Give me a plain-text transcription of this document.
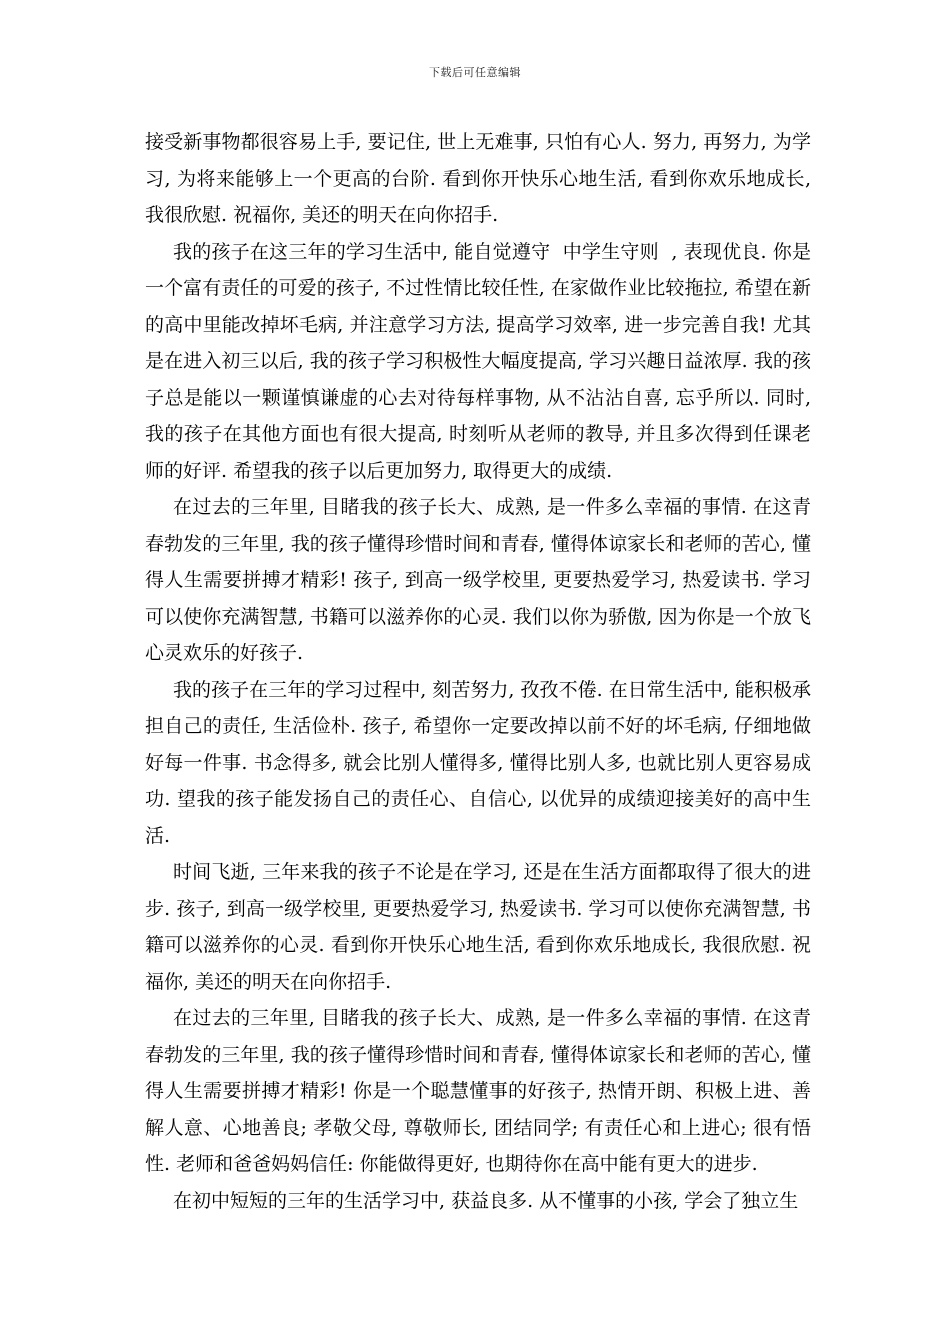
下载后可任意编辑

接受新事物都很容易上手, 要记住, 世上无难事, 只怕有心人. 努力, 再努力, 为学习, 为将来能够上一个更高的台阶. 看到你开快乐心地生活, 看到你欢乐地成长, 我很欣慰. 祝福你, 美还的明天在向你招手.

我的孩子在这三年的学习生活中, 能自觉遵守  中学生守则  , 表现优良. 你是一个富有责任的可爱的孩子, 不过性情比较任性, 在家做作业比较拖拉, 希望在新的高中里能改掉坏毛病, 并注意学习方法, 提高学习效率, 进一步完善自我! 尤其是在进入初三以后, 我的孩子学习积极性大幅度提高, 学习兴趣日益浓厚. 我的孩子总是能以一颗谨慎谦虚的心去对待每样事物, 从不沾沾自喜, 忘乎所以. 同时, 我的孩子在其他方面也有很大提高, 时刻听从老师的教导, 并且多次得到任课老师的好评. 希望我的孩子以后更加努力, 取得更大的成绩.

在过去的三年里, 目睹我的孩子长大、成熟, 是一件多么幸福的事情. 在这青春勃发的三年里, 我的孩子懂得珍惜时间和青春, 懂得体谅家长和老师的苦心, 懂得人生需要拼搏才精彩! 孩子, 到高一级学校里, 更要热爱学习, 热爱读书. 学习可以使你充满智慧, 书籍可以滋养你的心灵. 我们以你为骄傲, 因为你是一个放飞心灵欢乐的好孩子.

我的孩子在三年的学习过程中, 刻苦努力, 孜孜不倦. 在日常生活中, 能积极承担自己的责任, 生活俭朴. 孩子, 希望你一定要改掉以前不好的坏毛病, 仔细地做好每一件事. 书念得多, 就会比别人懂得多, 懂得比别人多, 也就比别人更容易成功. 望我的孩子能发扬自己的责任心、自信心, 以优异的成绩迎接美好的高中生活.

时间飞逝, 三年来我的孩子不论是在学习, 还是在生活方面都取得了很大的进步. 孩子, 到高一级学校里, 更要热爱学习, 热爱读书. 学习可以使你充满智慧, 书籍可以滋养你的心灵. 看到你开快乐心地生活, 看到你欢乐地成长, 我很欣慰. 祝福你, 美还的明天在向你招手.

在过去的三年里, 目睹我的孩子长大、成熟, 是一件多么幸福的事情. 在这青春勃发的三年里, 我的孩子懂得珍惜时间和青春, 懂得体谅家长和老师的苦心, 懂得人生需要拼搏才精彩! 你是一个聪慧懂事的好孩子, 热情开朗、积极上进、善解人意、心地善良; 孝敬父母, 尊敬师长, 团结同学; 有责任心和上进心; 很有悟性. 老师和爸爸妈妈信任: 你能做得更好, 也期待你在高中能有更大的进步.

在初中短短的三年的生活学习中, 获益良多. 从不懂事的小孩, 学会了独立生
